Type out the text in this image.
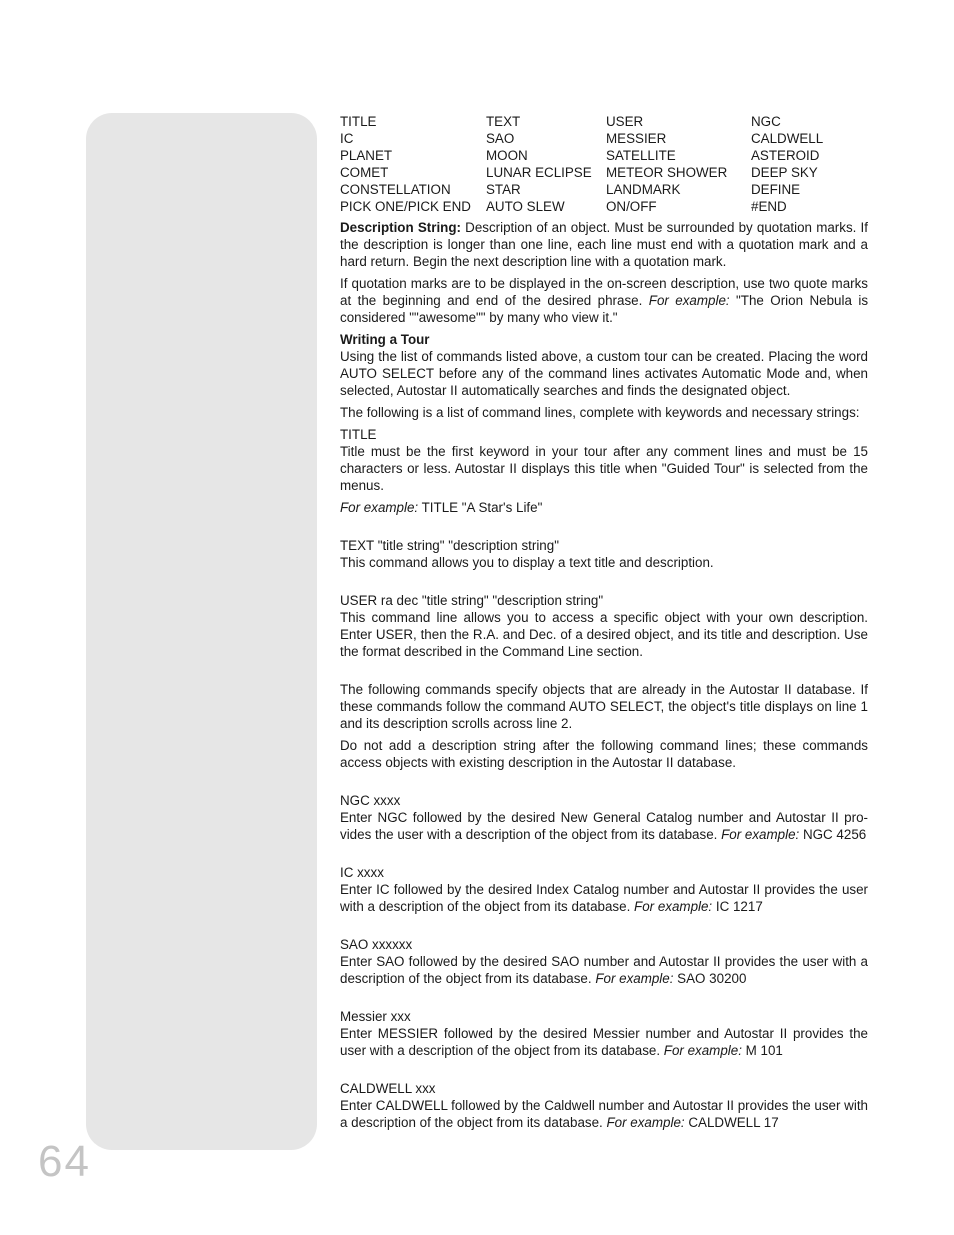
64
TITLE	TEXT	USER	NGC
IC	SAO	MESSIER	CALDWELL
PLANET	MOON	SATELLITE	ASTEROID
COMET	LUNAR ECLIPSE	METEOR SHOWER	DEEP SKY
CONSTELLATION	STAR	LANDMARK	DEFINE
PICK ONE/PICK END	AUTO SLEW	ON/OFF	#END

Description String: Description of an object. Must be surrounded by quotation marks. If the description is longer than one line, each line must end with a quotation mark and a hard return. Begin the next description line with a quotation mark.

If quotation marks are to be displayed in the on-screen description, use two quote marks at the beginning and end of the desired phrase. For example: "The Orion Nebula is considered ""awesome"" by many who view it."

Writing a Tour
Using the list of commands listed above, a custom tour can be created. Placing the word AUTO SELECT before any of the command lines activates Automatic Mode and, when selected, Autostar II automatically searches and finds the designated object.

The following is a list of command lines, complete with keywords and necessary strings:

TITLE
Title must be the first keyword in your tour after any comment lines and must be 15 characters or less. Autostar II displays this title when "Guided Tour" is selected from the menus.

For example: TITLE "A Star's Life"

TEXT "title string" "description string"
This command allows you to display a text title and description.

USER ra dec "title string" "description string"
This command line allows you to access a specific object with your own description. Enter USER, then the R.A. and Dec. of a desired object, and its title and description. Use the format described in the Command Line section.

The following commands specify objects that are already in the Autostar II database. If these commands follow the command AUTO SELECT, the object's title displays on line 1 and its description scrolls across line 2.

Do not add a description string after the following command lines; these commands access objects with existing description in the Autostar II database.

NGC xxxx
Enter NGC followed by the desired New General Catalog number and Autostar II pro-vides the user with a description of the object from its database. For example: NGC 4256

IC xxxx
Enter IC followed by the desired Index Catalog number and Autostar II provides the user with a description of the object from its database. For example: IC 1217

SAO xxxxxx
Enter SAO followed by the desired SAO number and Autostar II provides the user with a description of the object from its database. For example: SAO 30200

Messier xxx
Enter MESSIER followed by the desired Messier number and Autostar II provides the user with a description of the object from its database. For example: M 101

CALDWELL xxx
Enter CALDWELL followed by the Caldwell number and Autostar II provides the user with a description of the object from its database. For example: CALDWELL 17
